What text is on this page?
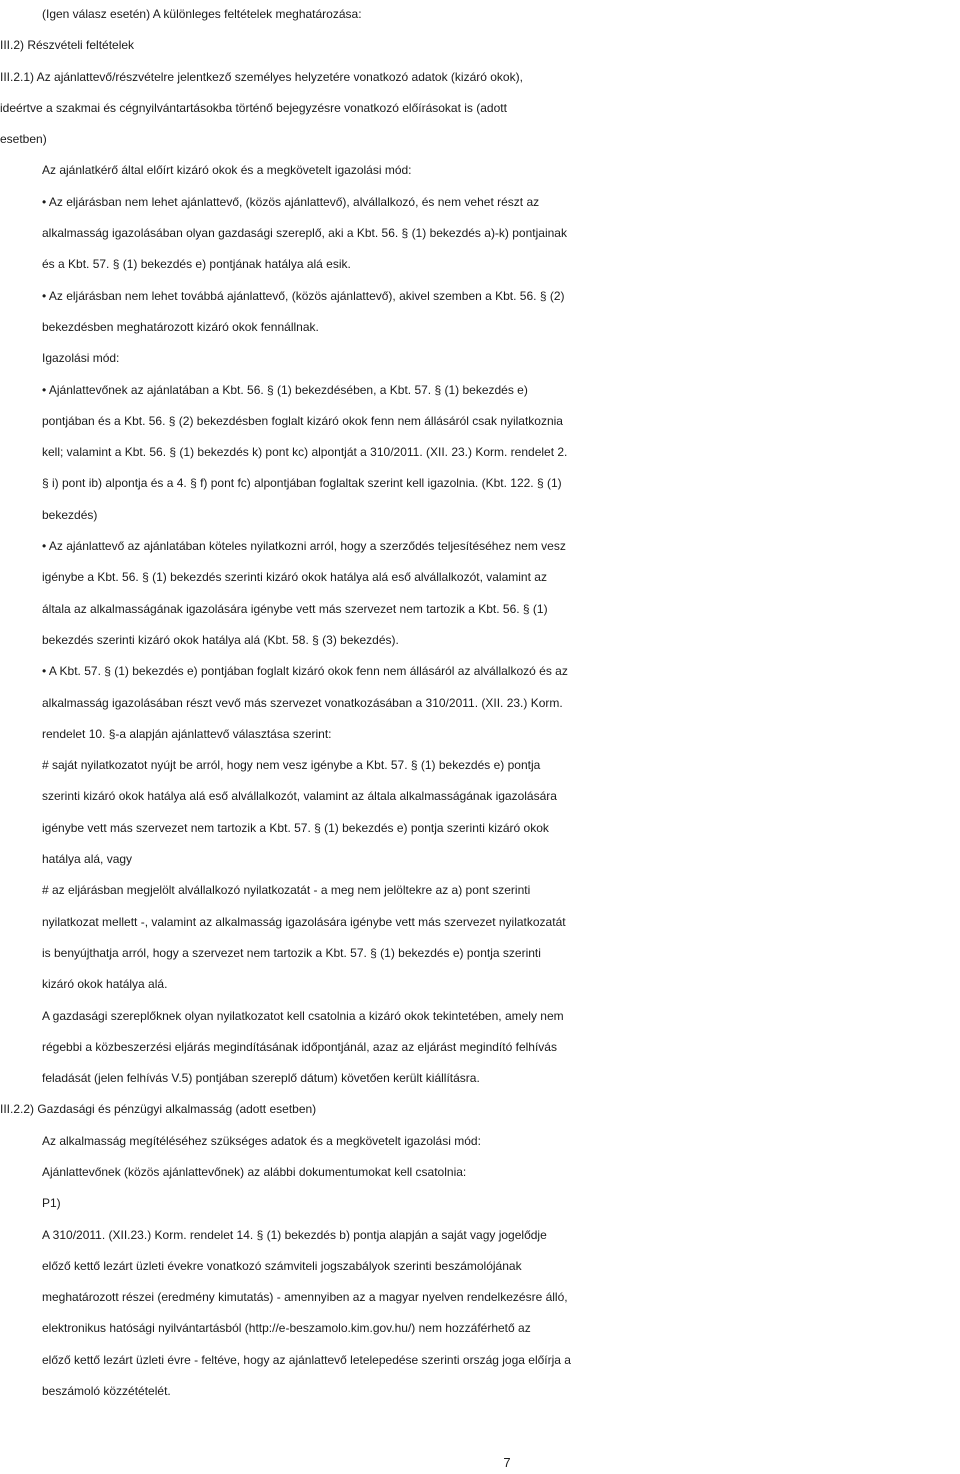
(Igen válasz esetén) A különleges feltételek meghatározása:
III.2) Részvételi feltételek
III.2.1) Az ajánlattevő/részvételre jelentkező személyes helyzetére vonatkozó adatok (kizáró okok),
ideértve a szakmai és cégnyilvántartásokba történő bejegyzésre vonatkozó előírásokat is (adott
esetben)
Az ajánlatkérő által előírt kizáró okok és a megkövetelt igazolási mód:
• Az eljárásban nem lehet ajánlattevő, (közös ajánlattevő), alvállalkozó, és nem vehet részt az
alkalmasság igazolásában olyan gazdasági szereplő, aki a Kbt. 56. § (1) bekezdés a)-k) pontjainak
és a Kbt. 57. § (1) bekezdés e) pontjának hatálya alá esik.
• Az eljárásban nem lehet továbbá ajánlattevő, (közös ajánlattevő), akivel szemben a Kbt. 56. § (2)
bekezdésben meghatározott kizáró okok fennállnak.
Igazolási mód:
• Ajánlattevőnek az ajánlatában a Kbt. 56. § (1) bekezdésében, a Kbt. 57. § (1) bekezdés e)
pontjában és a Kbt. 56. § (2) bekezdésben foglalt kizáró okok fenn nem állásáról csak nyilatkoznia
kell; valamint a Kbt. 56. § (1) bekezdés k) pont kc) alpontját a 310/2011. (XII. 23.) Korm. rendelet 2.
§ i) pont ib) alpontja és a 4. § f) pont fc) alpontjában foglaltak szerint kell igazolnia. (Kbt. 122. § (1)
bekezdés)
• Az ajánlattevő az ajánlatában köteles nyilatkozni arról, hogy a szerződés teljesítéséhez nem vesz
igénybe a Kbt. 56. § (1) bekezdés szerinti kizáró okok hatálya alá eső alvállalkozót, valamint az
általa az alkalmasságának igazolására igénybe vett más szervezet nem tartozik a Kbt. 56. § (1)
bekezdés szerinti kizáró okok hatálya alá (Kbt. 58. § (3) bekezdés).
• A Kbt. 57. § (1) bekezdés e) pontjában foglalt kizáró okok fenn nem állásáról az alvállalkozó és az
alkalmasság igazolásában részt vevő más szervezet vonatkozásában a 310/2011. (XII. 23.) Korm.
rendelet 10. §-a alapján ajánlattevő választása szerint:
# saját nyilatkozatot nyújt be arról, hogy nem vesz igénybe a Kbt. 57. § (1) bekezdés e) pontja
szerinti kizáró okok hatálya alá eső alvállalkozót, valamint az általa alkalmasságának igazolására
igénybe vett más szervezet nem tartozik a Kbt. 57. § (1) bekezdés e) pontja szerinti kizáró okok
hatálya alá, vagy
# az eljárásban megjelölt alvállalkozó nyilatkozatát - a meg nem jelöltekre az a) pont szerinti
nyilatkozat mellett -, valamint az alkalmasság igazolására igénybe vett más szervezet nyilatkozatát
is benyújthatja arról, hogy a szervezet nem tartozik a Kbt. 57. § (1) bekezdés e) pontja szerinti
kizáró okok hatálya alá.
A gazdasági szereplőknek olyan nyilatkozatot kell csatolnia a kizáró okok tekintetében, amely nem
régebbi a közbeszerzési eljárás megindításának időpontjánál, azaz az eljárást megindító felhívás
feladását (jelen felhívás V.5) pontjában szereplő dátum) követően került kiállításra.
III.2.2) Gazdasági és pénzügyi alkalmasság (adott esetben)
Az alkalmasság megítéléséhez szükséges adatok és a megkövetelt igazolási mód:
Ajánlattevőnek (közös ajánlattevőnek) az alábbi dokumentumokat kell csatolnia:
P1)
A 310/2011. (XII.23.) Korm. rendelet 14. § (1) bekezdés b) pontja alapján a saját vagy jogelődje
előző kettő lezárt üzleti évekre vonatkozó számviteli jogszabályok szerinti beszámolójának
meghatározott részei (eredmény kimutatás) - amennyiben az a magyar nyelven rendelkezésre álló,
elektronikus hatósági nyilvántartásból (http://e-beszamolo.kim.gov.hu/) nem hozzáférhető az
előző kettő lezárt üzleti évre - feltéve, hogy az ajánlattevő letelepedése szerinti ország jogа előírja a
beszámoló közzétételét.
7
